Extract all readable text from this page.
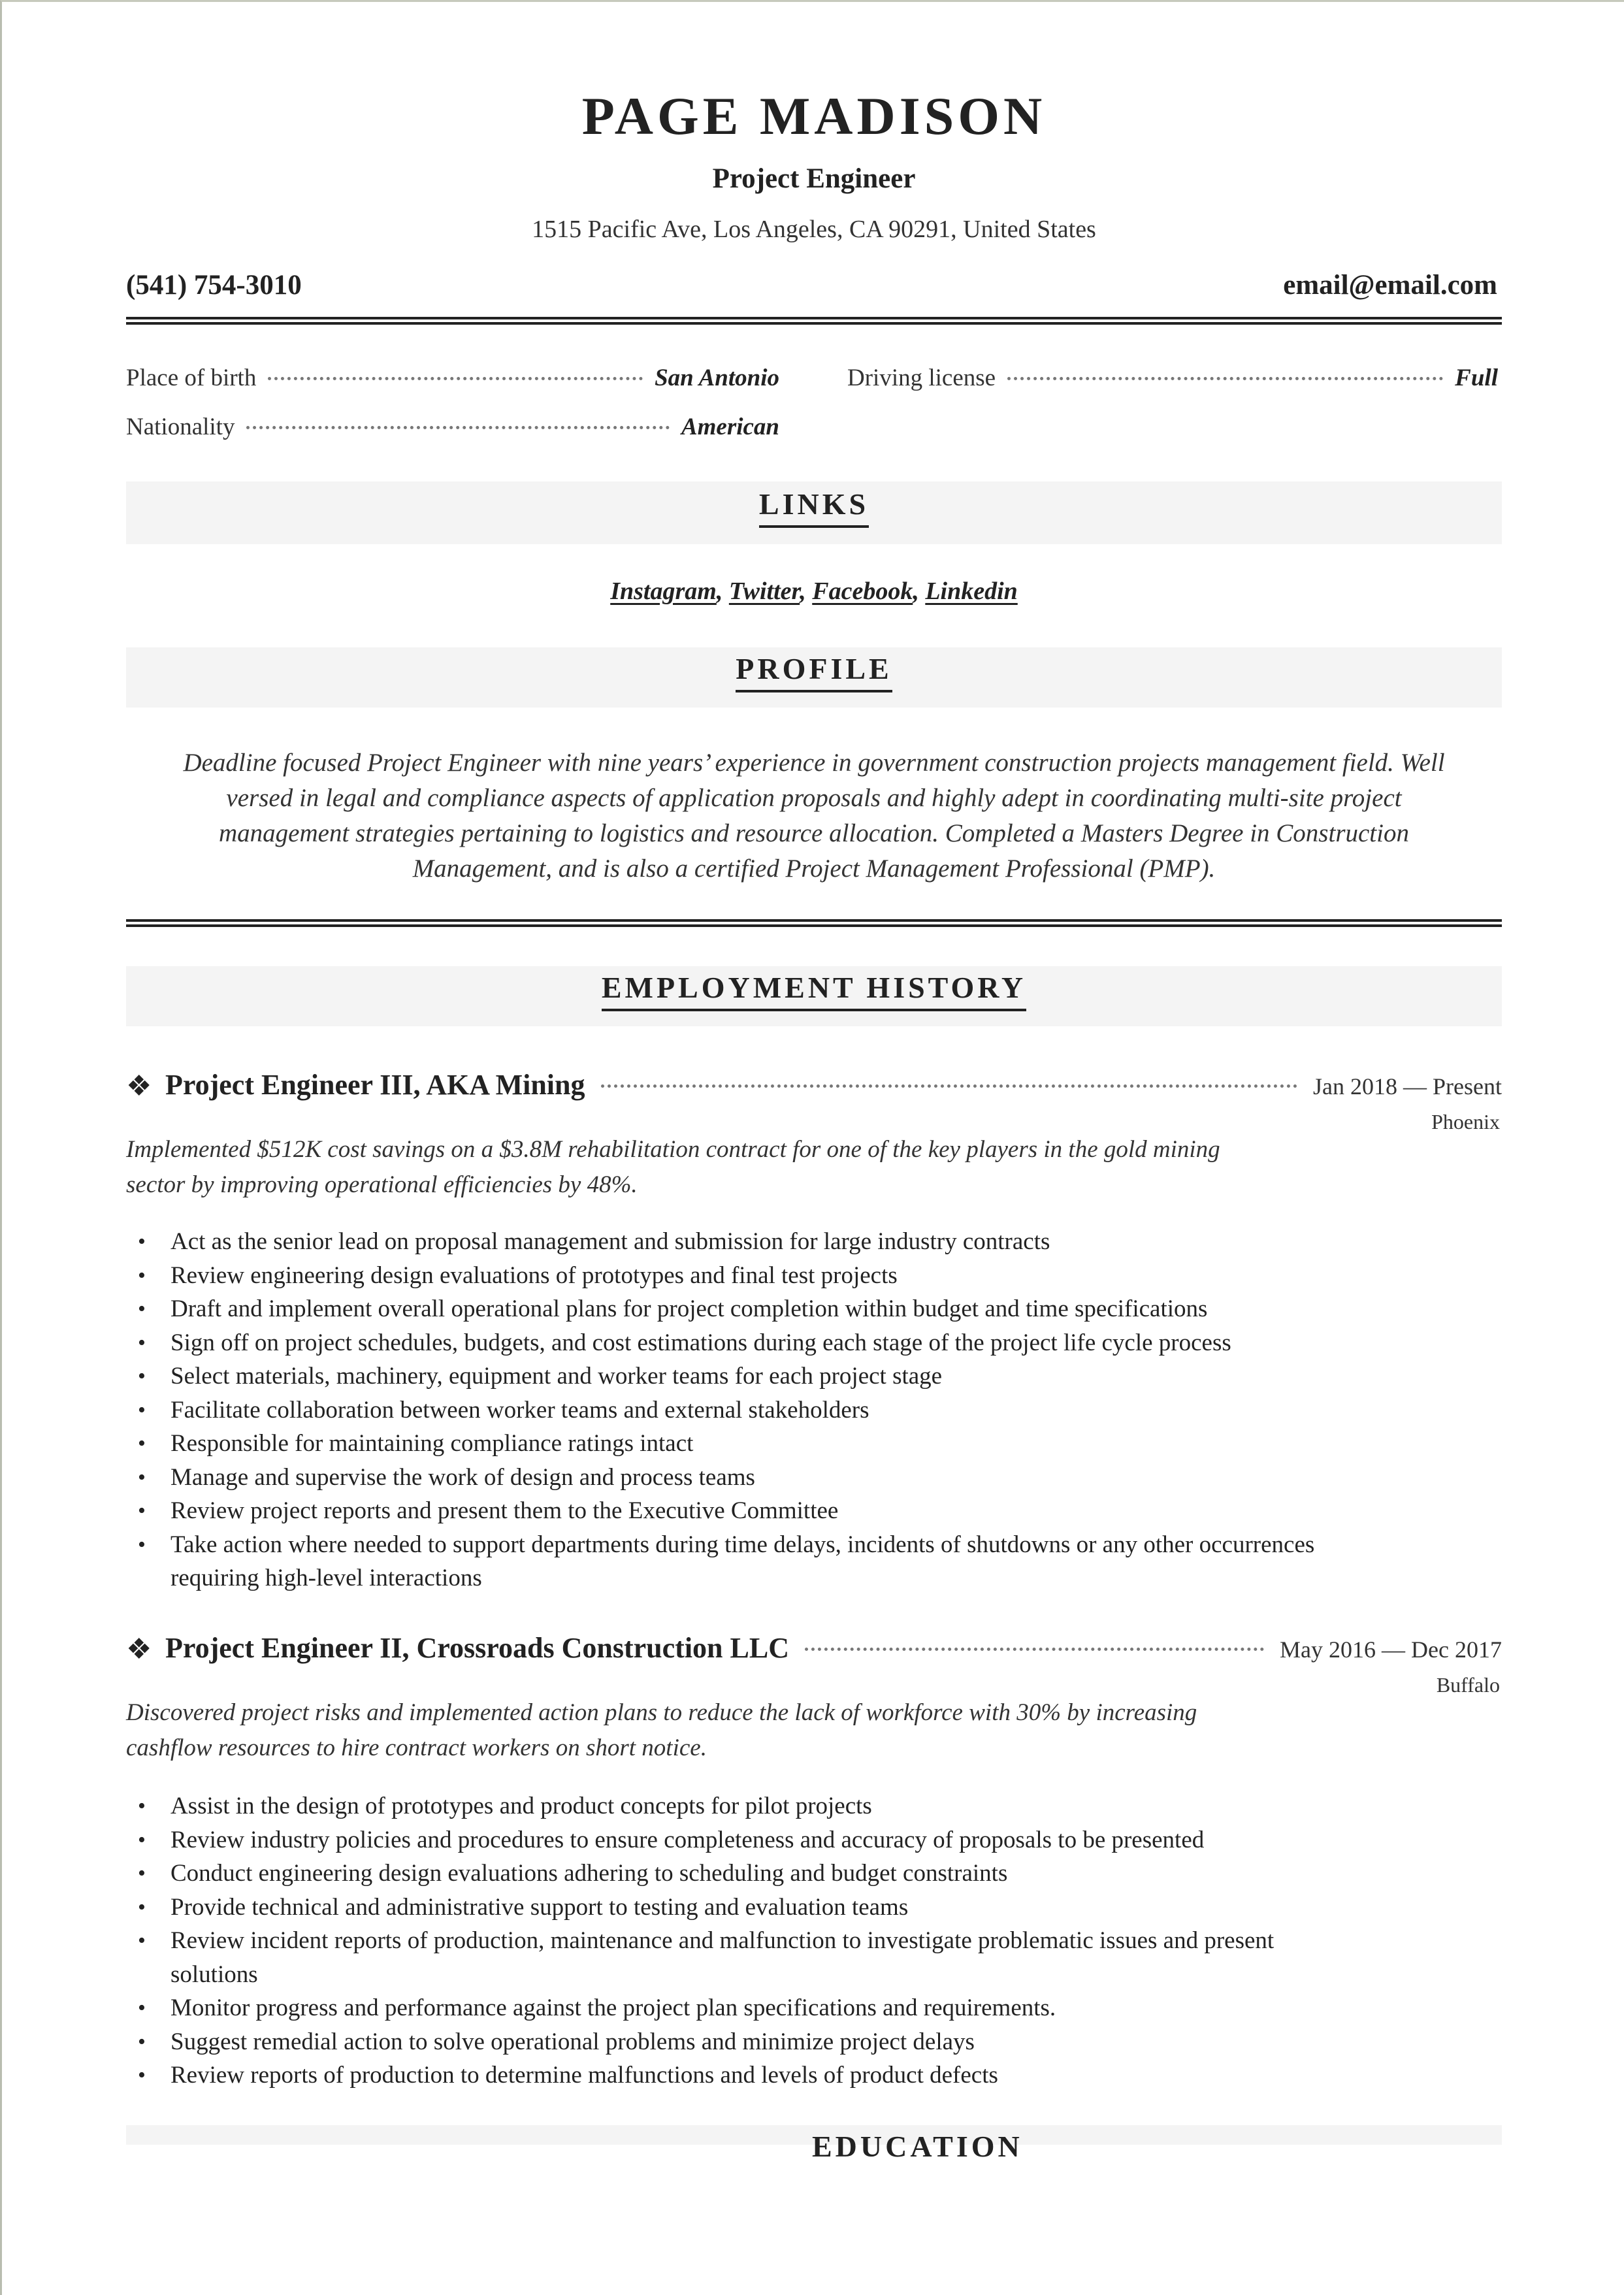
PAGE MADISON
Project Engineer
1515 Pacific Ave, Los Angeles, CA 90291, United States
(541) 754-3010	email@email.com
Place of birth	San Antonio	Driving license	Full
Nationality	American
LINKS
Instagram, Twitter, Facebook, Linkedin
PROFILE
Deadline focused Project Engineer with nine years’ experience in government construction projects management field. Well versed in legal and compliance aspects of application proposals and highly adept in coordinating multi-site project management strategies pertaining to logistics and resource allocation. Completed a Masters Degree in Construction Management, and is also a certified Project Management Professional (PMP).
EMPLOYMENT HISTORY
❖ Project Engineer III, AKA Mining	Jan 2018 — Present
Phoenix
Implemented $512K cost savings on a $3.8M rehabilitation contract for one of the key players in the gold mining sector by improving operational efficiencies by 48%.
• Act as the senior lead on proposal management and submission for large industry contracts
• Review engineering design evaluations of prototypes and final test projects
• Draft and implement overall operational plans for project completion within budget and time specifications
• Sign off on project schedules, budgets, and cost estimations during each stage of the project life cycle process
• Select materials, machinery, equipment and worker teams for each project stage
• Facilitate collaboration between worker teams and external stakeholders
• Responsible for maintaining compliance ratings intact
• Manage and supervise the work of design and process teams
• Review project reports and present them to the Executive Committee
• Take action where needed to support departments during time delays, incidents of shutdowns or any other occurrences requiring high-level interactions
❖ Project Engineer II, Crossroads Construction LLC	May 2016 — Dec 2017
Buffalo
Discovered project risks and implemented action plans to reduce the lack of workforce with 30% by increasing cashflow resources to hire contract workers on short notice.
• Assist in the design of prototypes and product concepts for pilot projects
• Review industry policies and procedures to ensure completeness and accuracy of proposals to be presented
• Conduct engineering design evaluations adhering to scheduling and budget constraints
• Provide technical and administrative support to testing and evaluation teams
• Review incident reports of production, maintenance and malfunction to investigate problematic issues and present solutions
• Monitor progress and performance against the project plan specifications and requirements.
• Suggest remedial action to solve operational problems and minimize project delays
• Review reports of production to determine malfunctions and levels of product defects
EDUCATION
